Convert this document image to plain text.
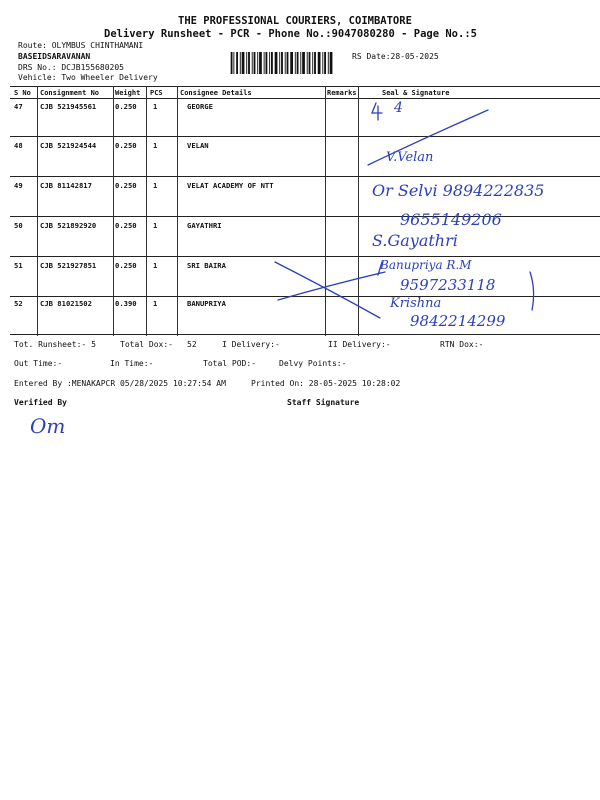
THE PROFESSIONAL COURIERS, COIMBATORE
Delivery Runsheet - PCR - Phone No.:9047080280 - Page No.:5
Route: OLYMBUS CHINTHAMANI
BASEIDSARAVANAN
DRS No.: DCJB155680205
Vehicle: Two Wheeler Delivery
RS Date:28-05-2025
S No Consignment No Weight PCS Consignee Details	Remarks	Seal & Signature
47 CJB 521945561	0.250 1	GEORGE
48 CJB 521924544	0.250 1	VELAN
49 CJB 81142817	0.250 1	VELAT ACADEMY OF NTT
50 CJB 521892920	0.250 1	GAYATHRI
51 CJB 521927851	0.250 1	SRI BAIRA
52 CJB 81021502	0.390 1	BANUPRIYA
4
V.Velan
Or Selvi 9894222835
9655149206
S.Gayathri
Banupriya R.M
9597233118
Krishna
9842214299
Tot. Runsheet:- 5	Total Dox:- 52	I Delivery:-	II Delivery:-	RTN Dox:-
Out Time:-	In Time:-	Total POD:-	Delvy Points:-
Entered By :MENAKAPCR 05/28/2025 10:27:54 AM	Printed On: 28-05-2025 10:28:02
Verified By	Staff Signature
Om
